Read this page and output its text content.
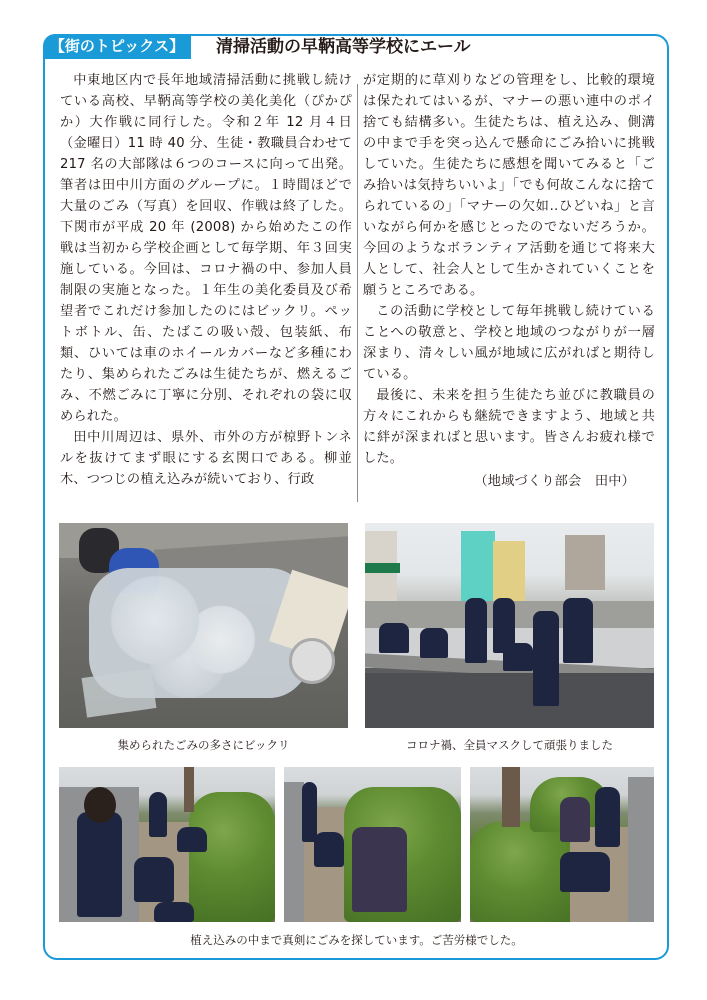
【街のトピックス】	清掃活動の早鞆高等学校にエール

中東地区内で長年地域清掃活動に挑戦し続けている高校、早鞆高等学校の美化美化（ぴかぴか）大作戦に同行した。令和２年 12 月４日（金曜日）11 時 40 分、生徒・教職員合わせて 217 名の大部隊は６つのコースに向って出発。筆者は田中川方面のグループに。１時間ほどで大量のごみ（写真）を回収、作戦は終了した。下関市が平成 20 年 (2008) から始めたこの作戦は当初から学校企画として毎学期、年３回実施している。今回は、コロナ禍の中、参加人員制限の実施となった。１年生の美化委員及び希望者でこれだけ参加したのにはビックリ。ペットボトル、缶、たばこの吸い殻、包装紙、布類、ひいては車のホイールカバーなど多種にわたり、集められたごみは生徒たちが、燃えるごみ、不燃ごみに丁寧に分別、それぞれの袋に収められた。

田中川周辺は、県外、市外の方が椋野トンネルを抜けてまず眼にする玄関口である。柳並木、つつじの植え込みが続いており、行政

が定期的に草刈りなどの管理をし、比較的環境は保たれてはいるが、マナーの悪い連中のポイ捨ても結構多い。生徒たちは、植え込み、側溝の中まで手を突っ込んで懸命にごみ拾いに挑戦していた。生徒たちに感想を聞いてみると「ごみ拾いは気持ちいいよ」「でも何故こんなに捨てられているの」「マナーの欠如‥ひどいね」と言いながら何かを感じとったのでないだろうか。今回のようなボランティア活動を通じて将来大人として、社会人として生かされていくことを願うところである。

この活動に学校として毎年挑戦し続けていることへの敬意と、学校と地域のつながりが一層深まり、清々しい風が地域に広がればと期待している。

最後に、未来を担う生徒たち並びに教職員の方々にこれからも継続できますよう、地域と共に絆が深まればと思います。皆さんお疲れ様でした。

（地域づくり部会　田中）
集められたごみの多さにビックリ	コロナ禍、全員マスクして頑張りました
植え込みの中まで真剣にごみを探しています。ご苦労様でした。
